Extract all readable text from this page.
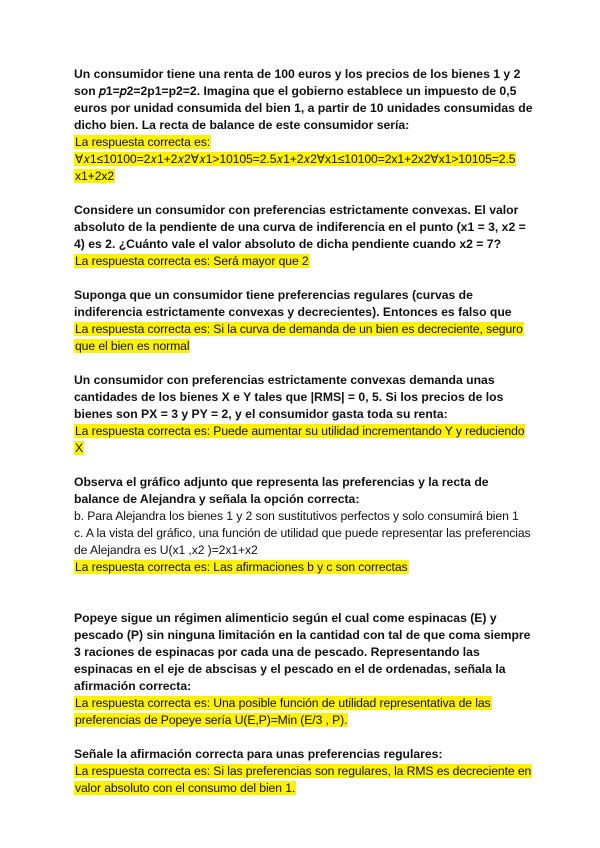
Un consumidor tiene una renta de 100 euros y los precios de los bienes 1 y 2 son 𝑝1=𝑝2=2p1=p2=2. Imagina que el gobierno establece un impuesto de 0,5 euros por unidad consumida del bien 1, a partir de 10 unidades consumidas de dicho bien. La recta de balance de este consumidor sería:

La respuesta correcta es: ∀𝑥1≤10100=2𝑥1+2𝑥2∀𝑥1>10105=2.5𝑥1+2𝑥2∀x1≤10100=2x1+2x2∀x1>10105=2.5 x1+2x2

Considere un consumidor con preferencias estrictamente convexas. El valor absoluto de la pendiente de una curva de indiferencia en el punto (x1 = 3, x2 = 4) es 2. ¿Cuánto vale el valor absoluto de dicha pendiente cuando x2 = 7?

La respuesta correcta es: Será mayor que 2

Suponga que un consumidor tiene preferencias regulares (curvas de indiferencia estrictamente convexas y decrecientes). Entonces es falso que

La respuesta correcta es: Si la curva de demanda de un bien es decreciente, seguro que el bien es normal

Un consumidor con preferencias estrictamente convexas demanda unas cantidades de los bienes X e Y tales que |RMS| = 0, 5. Si los precios de los bienes son PX = 3 y PY = 2, y el consumidor gasta toda su renta:

La respuesta correcta es: Puede aumentar su utilidad incrementando Y y reduciendo X

Observa el gráfico adjunto que representa las preferencias y la recta de balance de Alejandra y señala la opción correcta:

b. Para Alejandra los bienes 1 y 2 son sustitutivos perfectos y solo consumirá bien 1

c. A la vista del gráfico, una función de utilidad que puede representar las preferencias de Alejandra es U(x1 ,x2 )=2x1+x2

La respuesta correcta es: Las afirmaciones b y c son correctas

Popeye sigue un régimen alimenticio según el cual come espinacas (E) y pescado (P) sin ninguna limitación en la cantidad con tal de que coma siempre 3 raciones de espinacas por cada una de pescado. Representando las espinacas en el eje de abscisas y el pescado en el de ordenadas, señala la afirmación correcta:

La respuesta correcta es: Una posible función de utilidad representativa de las preferencias de Popeye sería U(E,P)=Min (E/3 , P).

Señale la afirmación correcta para unas preferencias regulares:

La respuesta correcta es: Si las preferencias son regulares, la RMS es decreciente en valor absoluto con el consumo del bien 1.
